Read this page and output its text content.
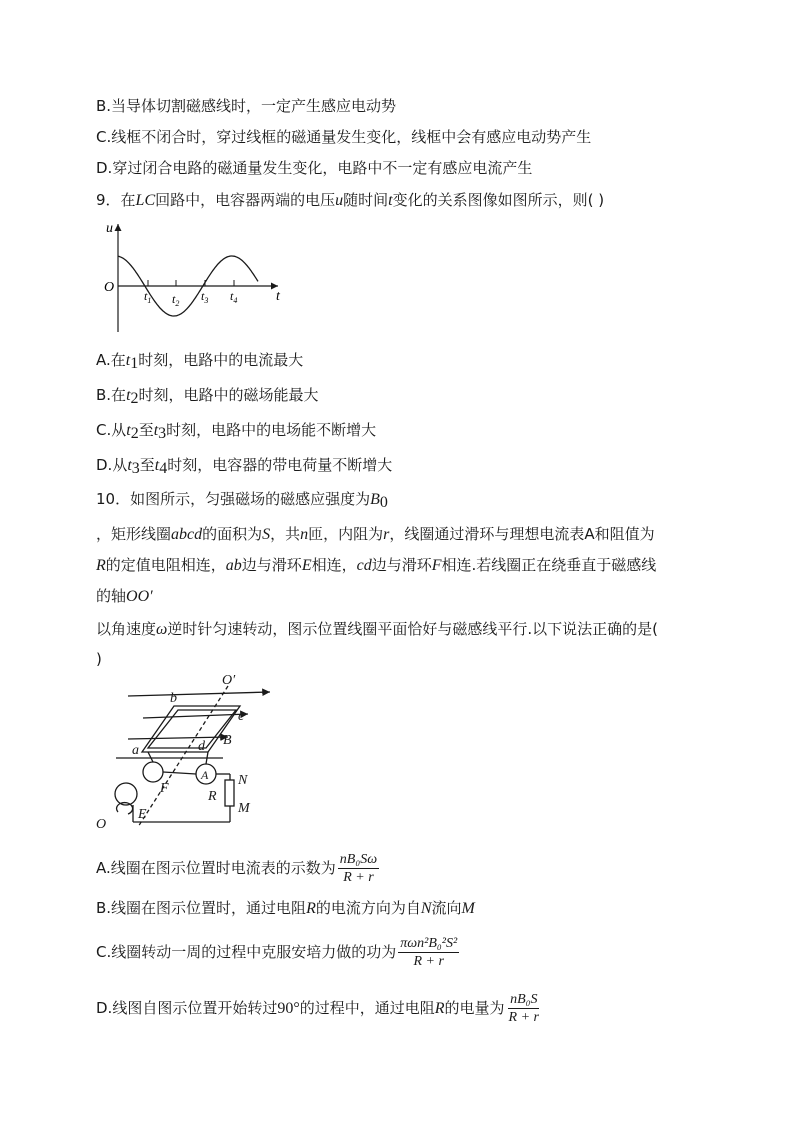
B.当导体切割磁感线时，一定产生感应电动势
C.线框不闭合时，穿过线框的磁通量发生变化，线框中会有感应电动势产生
D.穿过闭合电路的磁通量发生变化，电路中不一定有感应电流产生
9．在LC回路中，电容器两端的电压u随时间t变化的关系图像如图所示，则( )
u
t
O
$t_1$ $t_2$
$t_3$ $t_4$
A.在$t_1$时刻，电路中的电流最大
B.在$t_2$时刻，电路中的磁场能最大
C.从$t_2$至$t_3$时刻，电路中的电场能不断增大
D.从$t_3$至$t_4$时刻，电容器的带电荷量不断增大
10．如图所示，匀强磁场的磁感应强度为$B_0$
，矩形线圈abcd的面积为S，共n匝，内阻为r，线圈通过滑环与理想电流表A和阻值为
R的定值电阻相连，ab边与滑环E相连，cd边与滑环F相连.若线圈正在绕垂直于磁感线
的轴OO′
以角速度ω逆时针匀速转动，图示位置线圈平面恰好与磁感线平行.以下说法正确的是(
)
O′
b
c
a	d B
A
F
R
N
M
E
O
A.线圈在图示位置时电流表的示数为 $\frac{\text{nB₀Sω}}{R + r}$
B.线圈在图示位置时，通过电阻R的电流方向为自N流向M
C.线圈转动一周的过程中克服安培力做的功为 $\frac{\text{πωn²B₀²S²}}{R + r}$
D.线图自图示位置开始转过90°的过程中，通过电阻R的电量为 $\frac{\text{nB₀S}}{R + r}$
